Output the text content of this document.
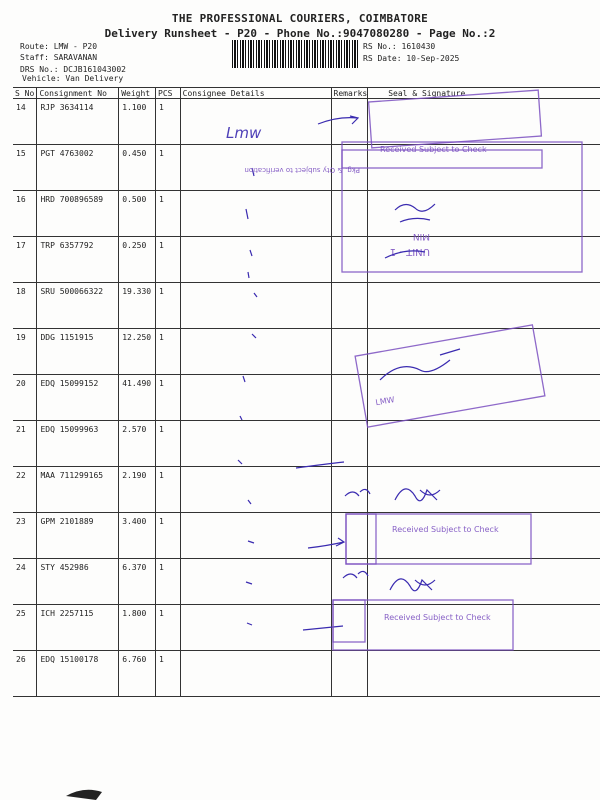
THE PROFESSIONAL COURIERS, COIMBATORE
Delivery Runsheet - P20 - Phone No.:9047080280 - Page No.:2
Route: LMW - P20
Staff: SARAVANAN
DRS No.: DCJB161043002
Vehicle: Van Delivery
RS No.: 1610430
RS Date: 10-Sep-2025
S No	Consignment No	Weight	PCS	Consignee Details	Remarks	Seal & Signature
14	RJP 3634114	1.100	1			
15	PGT 4763002	0.450	1			
16	HRD 700896589	0.500	1			
17	TRP 6357792	0.250	1			
18	SRU 500066322	19.330	1			
19	DDG 1151915	12.250	1			
20	EDQ 15099152	41.490	1			
21	EDQ 15099963	2.570	1			
22	MAA 711299165	2.190	1			
23	GPM 2101889	3.400	1			
24	STY 452986	6.370	1			
25	ICH 2257115	1.800	1			
26	EDQ 15100178	6.760	1			
Lmw
Received Subject to Check
Pkg. & Qty subject to verification
MIN
UNIT - 1
LMW
Received Subject to Check
Received Subject to Check
